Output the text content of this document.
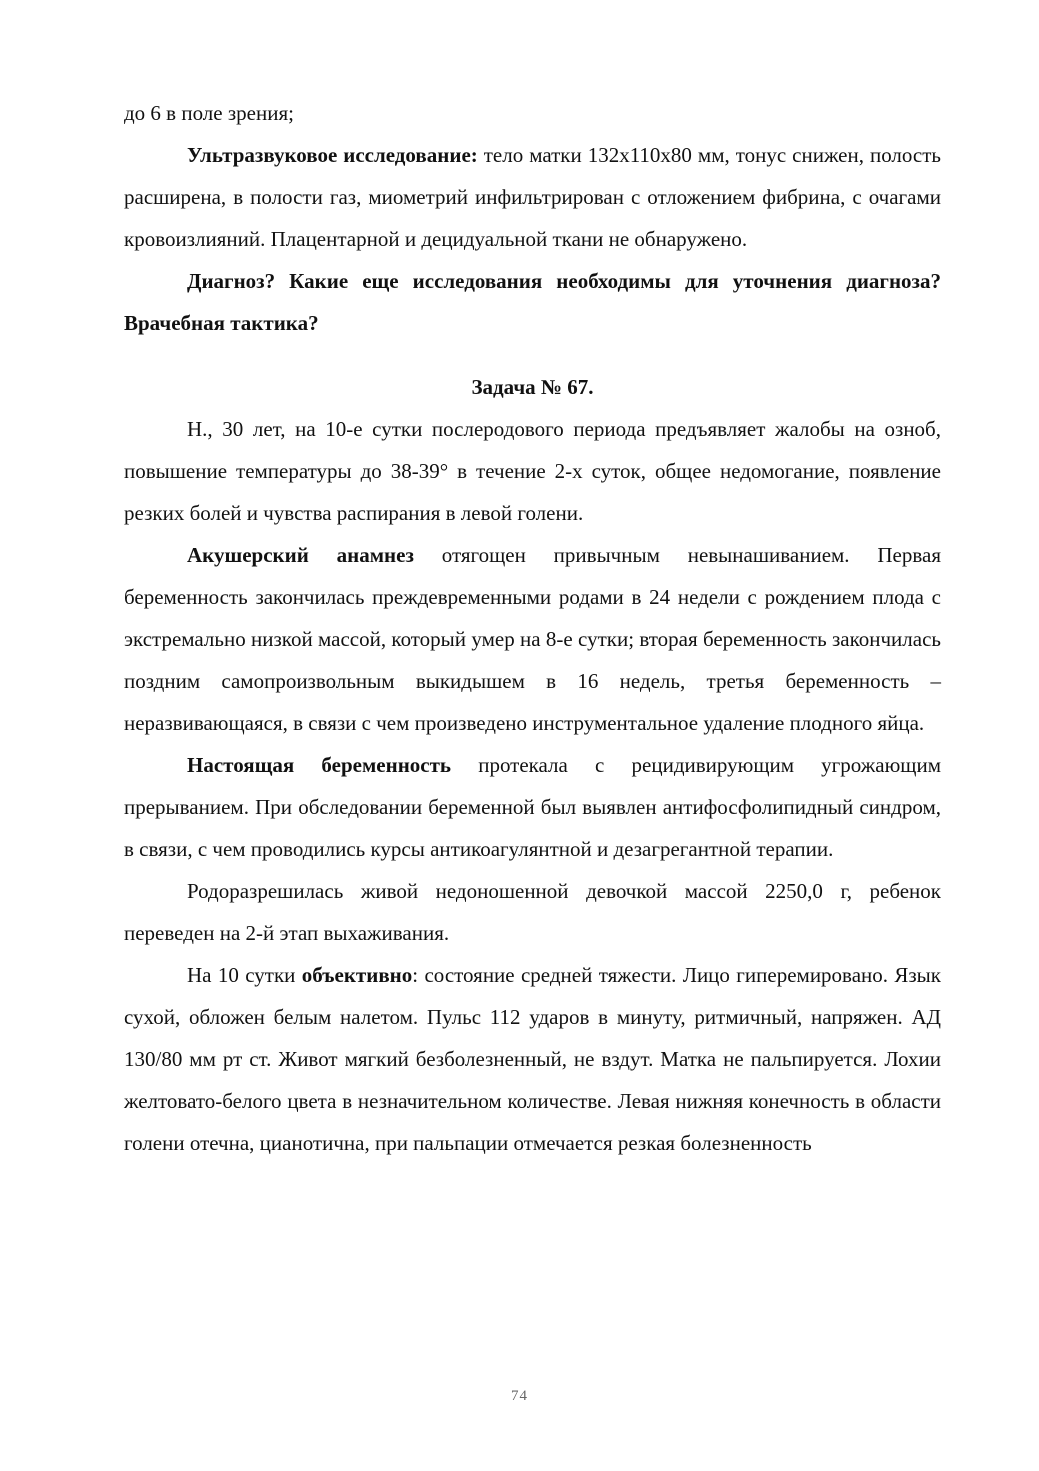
до 6 в поле зрения;

Ультразвуковое исследование: тело матки 132х110х80 мм, тонус снижен, полость расширена, в полости газ, миометрий инфильтрирован с отложением фибрина, с очагами кровоизлияний. Плацентарной и децидуальной ткани не обнаружено.

Диагноз? Какие еще исследования необходимы для уточнения диагноза? Врачебная тактика?

Задача № 67.

Н., 30 лет, на 10-е сутки послеродового периода предъявляет жалобы на озноб, повышение температуры до 38-39° в течение 2-х суток, общее недомогание, появление резких болей и чувства распирания в левой голени.

Акушерский анамнез отягощен привычным невынашиванием. Первая беременность закончилась преждевременными родами в 24 недели с рождением плода с экстремально низкой массой, который умер на 8-е сутки; вторая беременность закончилась поздним самопроизвольным выкидышем в 16 недель, третья беременность – неразвивающаяся, в связи с чем произведено инструментальное удаление плодного яйца.

Настоящая беременность протекала с рецидивирующим угрожающим прерыванием. При обследовании беременной был выявлен антифосфолипидный синдром, в связи, с чем проводились курсы антикоагулянтной и дезагрегантной терапии.

Родоразрешилась живой недоношенной девочкой массой 2250,0 г, ребенок переведен на 2-й этап выхаживания.

На 10 сутки объективно: состояние средней тяжести. Лицо гиперемировано. Язык сухой, обложен белым налетом. Пульс 112 ударов в минуту, ритмичный, напряжен. АД 130/80 мм рт ст. Живот мягкий безболезненный, не вздут. Матка не пальпируется. Лохии желтовато-белого цвета в незначительном количестве. Левая нижняя конечность в области голени отечна, цианотична, при пальпации отмечается резкая болезненность

74
